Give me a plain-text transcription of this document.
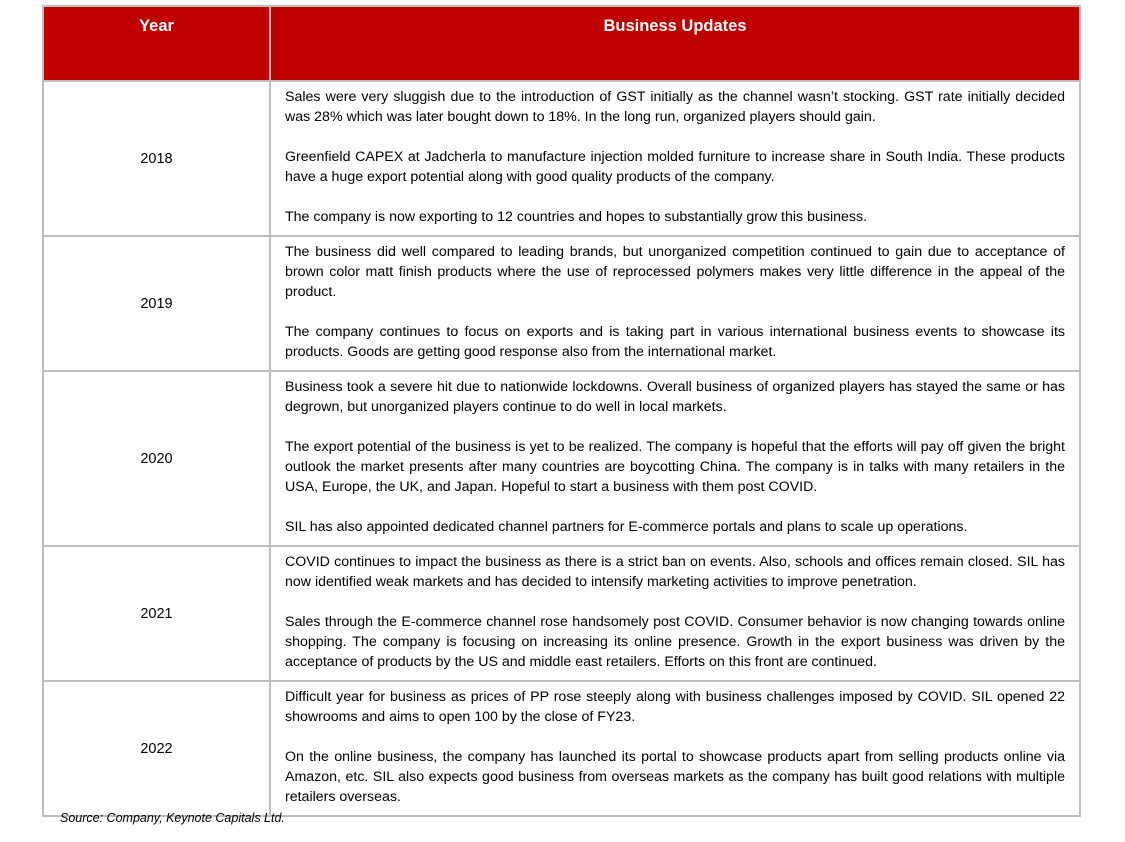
Year	Business Updates
2018	Sales were very sluggish due to the introduction of GST initially as the channel wasn’t stocking. GST rate initially decided was 28% which was later bought down to 18%. In the long run, organized players should gain.

Greenfield CAPEX at Jadcherla to manufacture injection molded furniture to increase share in South India. These products have a huge export potential along with good quality products of the company.

The company is now exporting to 12 countries and hopes to substantially grow this business.

2019	The business did well compared to leading brands, but unorganized competition continued to gain due to acceptance of brown color matt finish products where the use of reprocessed polymers makes very little difference in the appeal of the product.

The company continues to focus on exports and is taking part in various international business events to showcase its products. Goods are getting good response also from the international market.

2020	Business took a severe hit due to nationwide lockdowns. Overall business of organized players has stayed the same or has degrown, but unorganized players continue to do well in local markets.

The export potential of the business is yet to be realized. The company is hopeful that the efforts will pay off given the bright outlook the market presents after many countries are boycotting China. The company is in talks with many retailers in the USA, Europe, the UK, and Japan. Hopeful to start a business with them post COVID.

SIL has also appointed dedicated channel partners for E-commerce portals and plans to scale up operations.

2021	COVID continues to impact the business as there is a strict ban on events. Also, schools and offices remain closed. SIL has now identified weak markets and has decided to intensify marketing activities to improve penetration.

Sales through the E-commerce channel rose handsomely post COVID. Consumer behavior is now changing towards online shopping. The company is focusing on increasing its online presence. Growth in the export business was driven by the acceptance of products by the US and middle east retailers. Efforts on this front are continued.

2022	Difficult year for business as prices of PP rose steeply along with business challenges imposed by COVID. SIL opened 22 showrooms and aims to open 100 by the close of FY23.

On the online business, the company has launched its portal to showcase products apart from selling products online via Amazon, etc. SIL also expects good business from overseas markets as the company has built good relations with multiple retailers overseas.

Source: Company, Keynote Capitals Ltd.
